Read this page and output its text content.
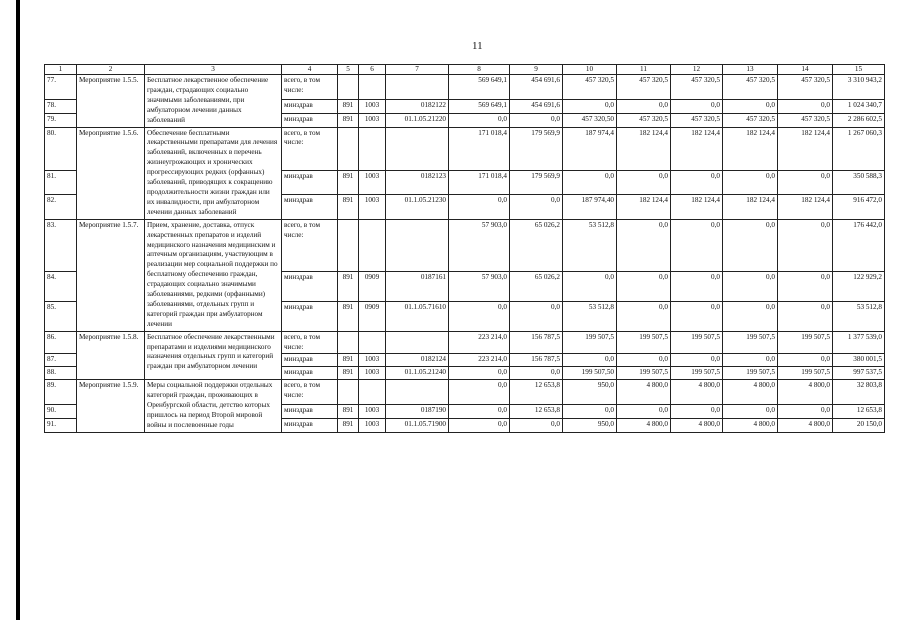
11
1	2	3	4	5	6	7	8	9	10	11	12	13	14	15
77.	Мероприятие 1.5.5.	Бесплатное лекарственное обеспечение граждан, страдающих социально значимыми заболеваниями, при амбулаторном лечении данных заболеваний	всего, в том числе:				569 649,1	454 691,6	457 320,5	457 320,5	457 320,5	457 320,5	457 320,5	3 310 943,2
78.			минздрав	891	1003	0182122	569 649,1	454 691,6	0,0	0,0	0,0	0,0	0,0	1 024 340,7
79.			минздрав	891	1003	01.1.05.21220	0,0	0,0	457 320,50	457 320,5	457 320,5	457 320,5	457 320,5	2 286 602,5
80.	Мероприятие 1.5.6.	Обеспечение бесплатными лекарственными препаратами для лечения заболеваний, включенных в перечень жизнеугрожающих и хронических прогрессирующих редких (орфанных) заболеваний, приводящих к сокращению продолжительности жизни граждан или их инвалидности, при амбулаторном лечении данных заболеваний	всего, в том числе:				171 018,4	179 569,9	187 974,4	182 124,4	182 124,4	182 124,4	182 124,4	1 267 060,3
81.			минздрав	891	1003	0182123	171 018,4	179 569,9	0,0	0,0	0,0	0,0	0,0	350 588,3
82.			минздрав	891	1003	01.1.05.21230	0,0	0,0	187 974,40	182 124,4	182 124,4	182 124,4	182 124,4	916 472,0
83.	Мероприятие 1.5.7.	Прием, хранение, доставка, отпуск лекарственных препаратов и изделий медицинского назначения медицинским и аптечным организациям, участвующим в реализации мер социальной поддержки по бесплатному обеспечению граждан, страдающих социально значимыми заболеваниями, редкими (орфанными) заболеваниями, отдельных групп и категорий граждан при амбулаторном лечении	всего, в том числе:				57 903,0	65 026,2	53 512,8	0,0	0,0	0,0	0,0	176 442,0
84.			минздрав	891	0909	0187161	57 903,0	65 026,2	0,0	0,0	0,0	0,0	0,0	122 929,2
85.			минздрав	891	0909	01.1.05.71610	0,0	0,0	53 512,8	0,0	0,0	0,0	0,0	53 512,8
86.	Мероприятие 1.5.8.	Бесплатное обеспечение лекарственными препаратами и изделиями медицинского назначения отдельных групп и категорий граждан при амбулаторном лечении	всего, в том числе:				223 214,0	156 787,5	199 507,5	199 507,5	199 507,5	199 507,5	199 507,5	1 377 539,0
87.			минздрав	891	1003	0182124	223 214,0	156 787,5	0,0	0,0	0,0	0,0	0,0	380 001,5
88.			минздрав	891	1003	01.1.05.21240	0,0	0,0	199 507,50	199 507,5	199 507,5	199 507,5	199 507,5	997 537,5
89.	Мероприятие 1.5.9.	Меры социальной поддержки отдельных категорий граждан, проживающих в Оренбургской области, детство которых пришлось на период Второй мировой войны и послевоенные годы	всего, в том числе:				0,0	12 653,8	950,0	4 800,0	4 800,0	4 800,0	4 800,0	32 803,8
90.			минздрав	891	1003	0187190	0,0	12 653,8	0,0	0,0	0,0	0,0	0,0	12 653,8
91.			минздрав	891	1003	01.1.05.71900	0,0	0,0	950,0	4 800,0	4 800,0	4 800,0	4 800,0	20 150,0
